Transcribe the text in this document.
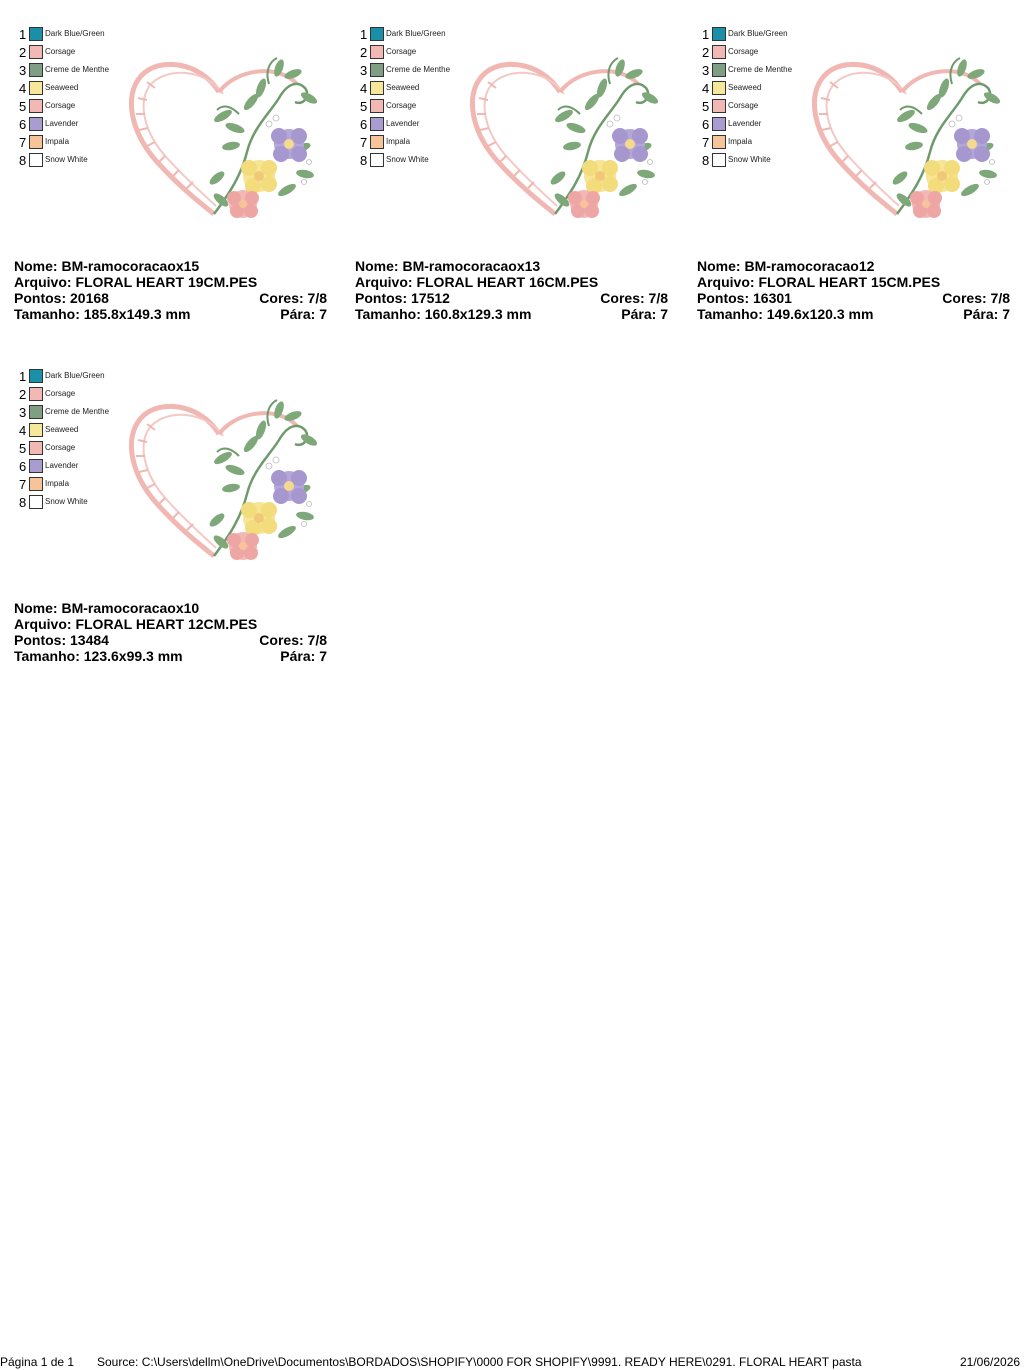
1 Dark Blue/Green
2 Corsage
3 Creme de Menthe
4 Seaweed
5 Corsage
6 Lavender
7 Impala
8 Snow White
Nome: BM-ramocoracaox15
Arquivo: FLORAL HEART 19CM.PES
Pontos: 20168	Cores: 7/8
Tamanho: 185.8x149.3 mm	Pára: 7
1 Dark Blue/Green
2 Corsage
3 Creme de Menthe
4 Seaweed
5 Corsage
6 Lavender
7 Impala
8 Snow White
Nome: BM-ramocoracaox13
Arquivo: FLORAL HEART 16CM.PES
Pontos: 17512	Cores: 7/8
Tamanho: 160.8x129.3 mm	Pára: 7
1 Dark Blue/Green
2 Corsage
3 Creme de Menthe
4 Seaweed
5 Corsage
6 Lavender
7 Impala
8 Snow White
Nome: BM-ramocoracao12
Arquivo: FLORAL HEART 15CM.PES
Pontos: 16301	Cores: 7/8
Tamanho: 149.6x120.3 mm	Pára: 7
1 Dark Blue/Green
2 Corsage
3 Creme de Menthe
4 Seaweed
5 Corsage
6 Lavender
7 Impala
8 Snow White
Nome: BM-ramocoracaox10
Arquivo: FLORAL HEART 12CM.PES
Pontos: 13484	Cores: 7/8
Tamanho: 123.6x99.3 mm	Pára: 7
Página 1 de 1 Source: C:\Users\dellm\OneDrive\Documentos\BORDADOS\SHOPIFY\0000 FOR SHOPIFY\9991. READY HERE\0291. FLORAL HEART pasta	21/06/2026
